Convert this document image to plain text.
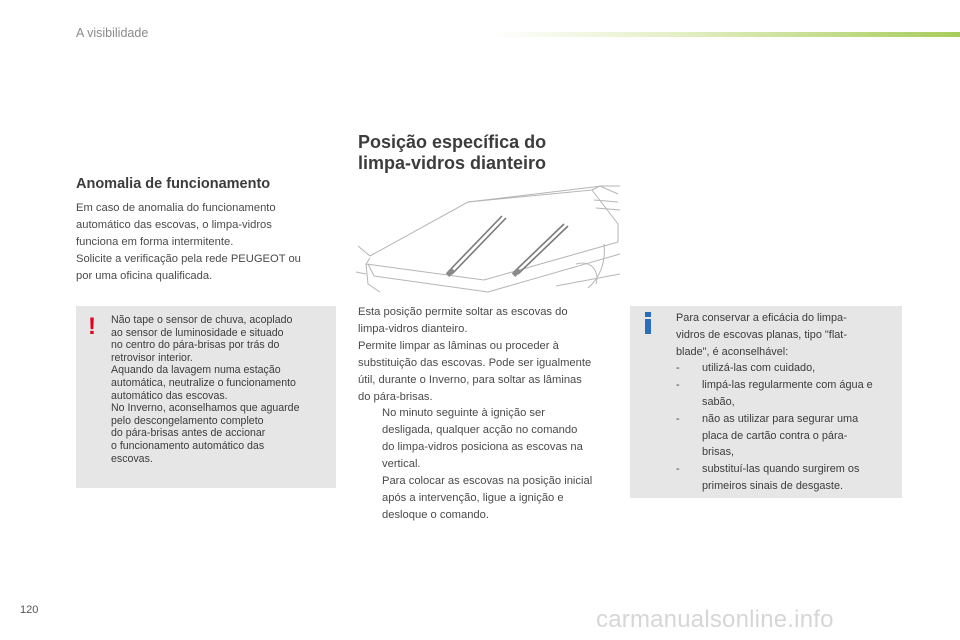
A visibilidade
Anomalia de funcionamento

Em caso de anomalia do funcionamento

automático das escovas, o limpa-vidros

funciona em forma intermitente.

Solicite a verificação pela rede PEUGEOT ou

por uma oficina qualificada.

! Não tape o sensor de chuva, acoplado

ao sensor de luminosidade e situado

no centro do pára-brisas por trás do

retrovisor interior.

Aquando da lavagem numa estação

automática, neutralize o funcionamento

automático das escovas.

No Inverno, aconselhamos que aguarde

pelo descongelamento completo

do pára-brisas antes de accionar

o funcionamento automático das

escovas.

Posição específica do

limpa-vidros dianteiro

Esta posição permite soltar as escovas do

limpa-vidros dianteiro.

Permite limpar as lâminas ou proceder à

substituição das escovas. Pode ser igualmente

útil, durante o Inverno, para soltar as lâminas

do pára-brisas.

No minuto seguinte à ignição ser

desligada, qualquer acção no comando

do limpa-vidros posiciona as escovas na

vertical.

Para colocar as escovas na posição inicial

após a intervenção, ligue a ignição e

desloque o comando.

Para conservar a eficácia do limpa-

vidros de escovas planas, tipo "flat-

blade", é aconselhável:

- utilizá-las com cuidado,

- limpá-las regularmente com água e

sabão,

- não as utilizar para segurar uma

placa de cartão contra o pára-

brisas,

- substituí-las quando surgirem os

primeiros sinais de desgaste.

120	carmanualsonline.info
